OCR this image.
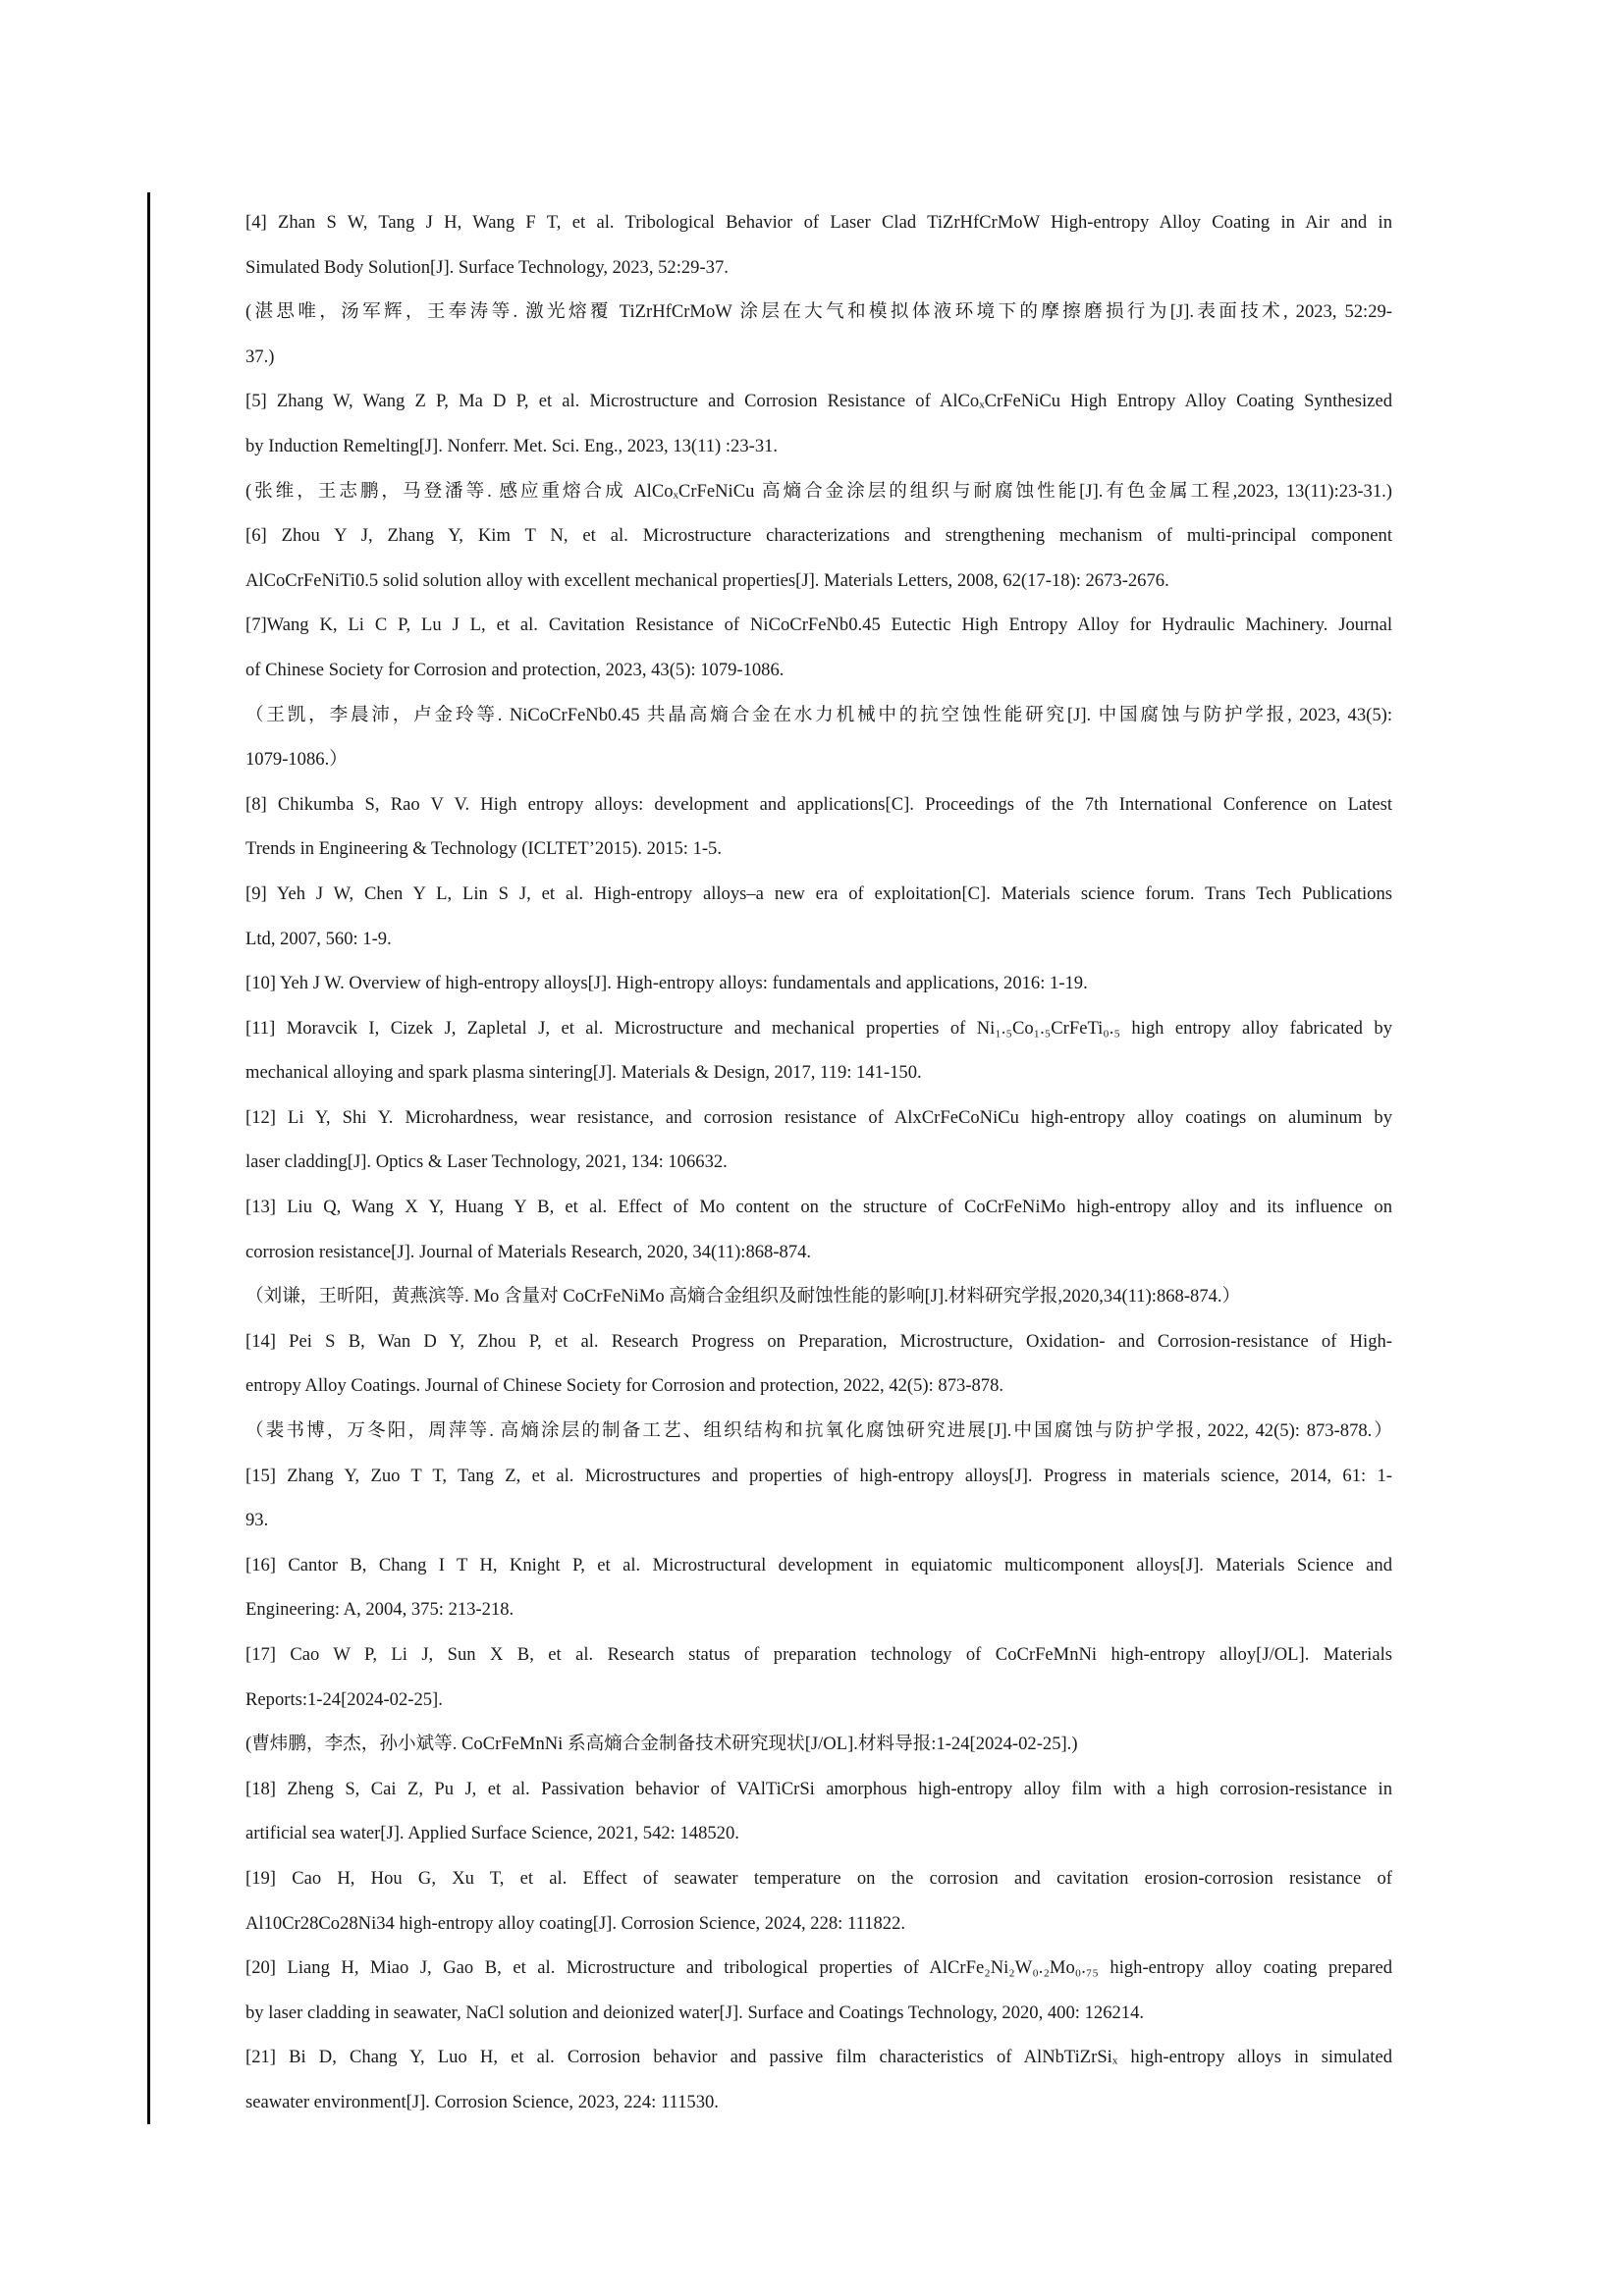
[4] Zhan S W, Tang J H, Wang F T, et al. Tribological Behavior of Laser Clad TiZrHfCrMoW High-entropy Alloy Coating in Air and in
Simulated Body Solution[J]. Surface Technology, 2023, 52:29-37.
(湛思唯，汤军辉，王奉涛等. 激光熔覆 TiZrHfCrMoW 涂层在大气和模拟体液环境下的摩擦磨损行为[J].表面技术, 2023, 52:29-
37.)
[5] Zhang W, Wang Z P, Ma D P, et al. Microstructure and Corrosion Resistance of AlCoₓCrFeNiCu High Entropy Alloy Coating Synthesized
by Induction Remelting[J]. Nonferr. Met. Sci. Eng., 2023, 13(11) :23-31.
(张维，王志鹏，马登潘等. 感应重熔合成 AlCoₓCrFeNiCu 高熵合金涂层的组织与耐腐蚀性能[J].有色金属工程,2023, 13(11):23-31.)
[6] Zhou Y J, Zhang Y, Kim T N, et al. Microstructure characterizations and strengthening mechanism of multi-principal component
AlCoCrFeNiTi0.5 solid solution alloy with excellent mechanical properties[J]. Materials Letters, 2008, 62(17-18): 2673-2676.
[7]Wang K, Li C P, Lu J L, et al. Cavitation Resistance of NiCoCrFeNb0.45 Eutectic High Entropy Alloy for Hydraulic Machinery. Journal
of Chinese Society for Corrosion and protection, 2023, 43(5): 1079-1086.
（王凯，李晨沛，卢金玲等. NiCoCrFeNb0.45 共晶高熵合金在水力机械中的抗空蚀性能研究[J]. 中国腐蚀与防护学报, 2023, 43(5):
1079-1086.）
[8] Chikumba S, Rao V V. High entropy alloys: development and applications[C]. Proceedings of the 7th International Conference on Latest
Trends in Engineering & Technology (ICLTET’2015). 2015: 1-5.
[9] Yeh J W, Chen Y L, Lin S J, et al. High-entropy alloys–a new era of exploitation[C]. Materials science forum. Trans Tech Publications
Ltd, 2007, 560: 1-9.
[10] Yeh J W. Overview of high-entropy alloys[J]. High-entropy alloys: fundamentals and applications, 2016: 1-19.
[11] Moravcik I, Cizek J, Zapletal J, et al. Microstructure and mechanical properties of Ni₁.₅Co₁.₅CrFeTi₀.₅ high entropy alloy fabricated by
mechanical alloying and spark plasma sintering[J]. Materials & Design, 2017, 119: 141-150.
[12] Li Y, Shi Y. Microhardness, wear resistance, and corrosion resistance of AlxCrFeCoNiCu high-entropy alloy coatings on aluminum by
laser cladding[J]. Optics & Laser Technology, 2021, 134: 106632.
[13] Liu Q, Wang X Y, Huang Y B, et al. Effect of Mo content on the structure of CoCrFeNiMo high-entropy alloy and its influence on
corrosion resistance[J]. Journal of Materials Research, 2020, 34(11):868-874.
（刘谦，王昕阳，黄燕滨等. Mo 含量对 CoCrFeNiMo 高熵合金组织及耐蚀性能的影响[J].材料研究学报,2020,34(11):868-874.）
[14] Pei S B, Wan D Y, Zhou P, et al. Research Progress on Preparation, Microstructure, Oxidation- and Corrosion-resistance of High-
entropy Alloy Coatings. Journal of Chinese Society for Corrosion and protection, 2022, 42(5): 873-878.
（裴书博，万冬阳，周萍等. 高熵涂层的制备工艺、组织结构和抗氧化腐蚀研究进展[J].中国腐蚀与防护学报, 2022, 42(5): 873-878.）
[15] Zhang Y, Zuo T T, Tang Z, et al. Microstructures and properties of high-entropy alloys[J]. Progress in materials science, 2014, 61: 1-
93.
[16] Cantor B, Chang I T H, Knight P, et al. Microstructural development in equiatomic multicomponent alloys[J]. Materials Science and
Engineering: A, 2004, 375: 213-218.
[17] Cao W P, Li J, Sun X B, et al. Research status of preparation technology of CoCrFeMnNi high-entropy alloy[J/OL]. Materials
Reports:1-24[2024-02-25].
(曹炜鹏，李杰，孙小斌等. CoCrFeMnNi 系高熵合金制备技术研究现状[J/OL].材料导报:1-24[2024-02-25].)
[18] Zheng S, Cai Z, Pu J, et al. Passivation behavior of VAlTiCrSi amorphous high-entropy alloy film with a high corrosion-resistance in
artificial sea water[J]. Applied Surface Science, 2021, 542: 148520.
[19] Cao H, Hou G, Xu T, et al. Effect of seawater temperature on the corrosion and cavitation erosion-corrosion resistance of
Al10Cr28Co28Ni34 high-entropy alloy coating[J]. Corrosion Science, 2024, 228: 111822.
[20] Liang H, Miao J, Gao B, et al. Microstructure and tribological properties of AlCrFe₂Ni₂W₀.₂Mo₀.₇₅ high-entropy alloy coating prepared
by laser cladding in seawater, NaCl solution and deionized water[J]. Surface and Coatings Technology, 2020, 400: 126214.
[21] Bi D, Chang Y, Luo H, et al. Corrosion behavior and passive film characteristics of AlNbTiZrSiₓ high-entropy alloys in simulated
seawater environment[J]. Corrosion Science, 2023, 224: 111530.
